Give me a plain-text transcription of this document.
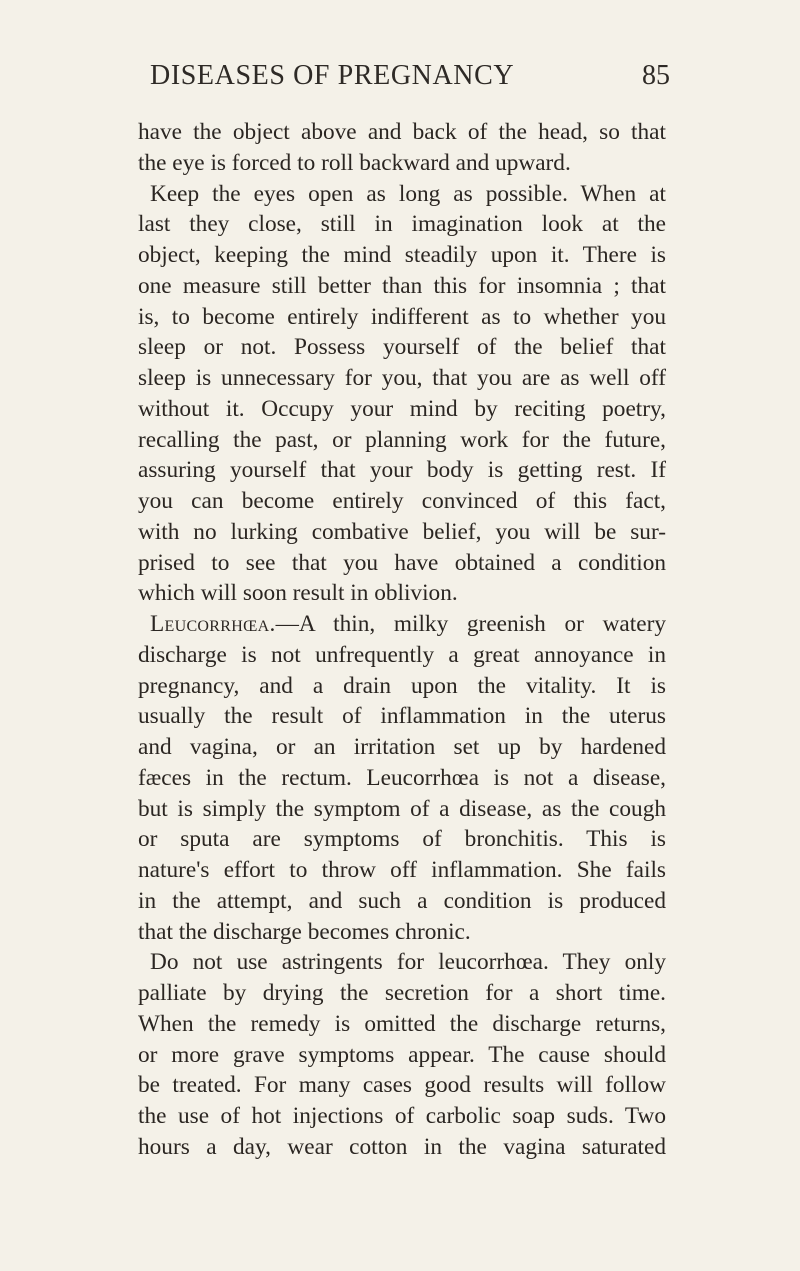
DISEASES OF PREGNANCY	85
have the object above and back of the head, so that
the eye is forced to roll backward and upward.
Keep the eyes open as long as possible. When at
last they close, still in imagination look at the
object, keeping the mind steadily upon it. There is
one measure still better than this for insomnia ; that
is, to become entirely indifferent as to whether you
sleep or not. Possess yourself of the belief that
sleep is unnecessary for you, that you are as well off
without it. Occupy your mind by reciting poetry,
recalling the past, or planning work for the future,
assuring yourself that your body is getting rest. If
you can become entirely convinced of this fact,
with no lurking combative belief, you will be sur-
prised to see that you have obtained a condition
which will soon result in oblivion.
Leucorrhœa.—A thin, milky greenish or watery
discharge is not unfrequently a great annoyance in
pregnancy, and a drain upon the vitality. It is
usually the result of inflammation in the uterus
and vagina, or an irritation set up by hardened
fæces in the rectum. Leucorrhœa is not a disease,
but is simply the symptom of a disease, as the cough
or sputa are symptoms of bronchitis. This is
nature's effort to throw off inflammation. She fails
in the attempt, and such a condition is produced
that the discharge becomes chronic.
Do not use astringents for leucorrhœa. They only
palliate by drying the secretion for a short time.
When the remedy is omitted the discharge returns,
or more grave symptoms appear. The cause should
be treated. For many cases good results will follow
the use of hot injections of carbolic soap suds. Two
hours a day, wear cotton in the vagina saturated
